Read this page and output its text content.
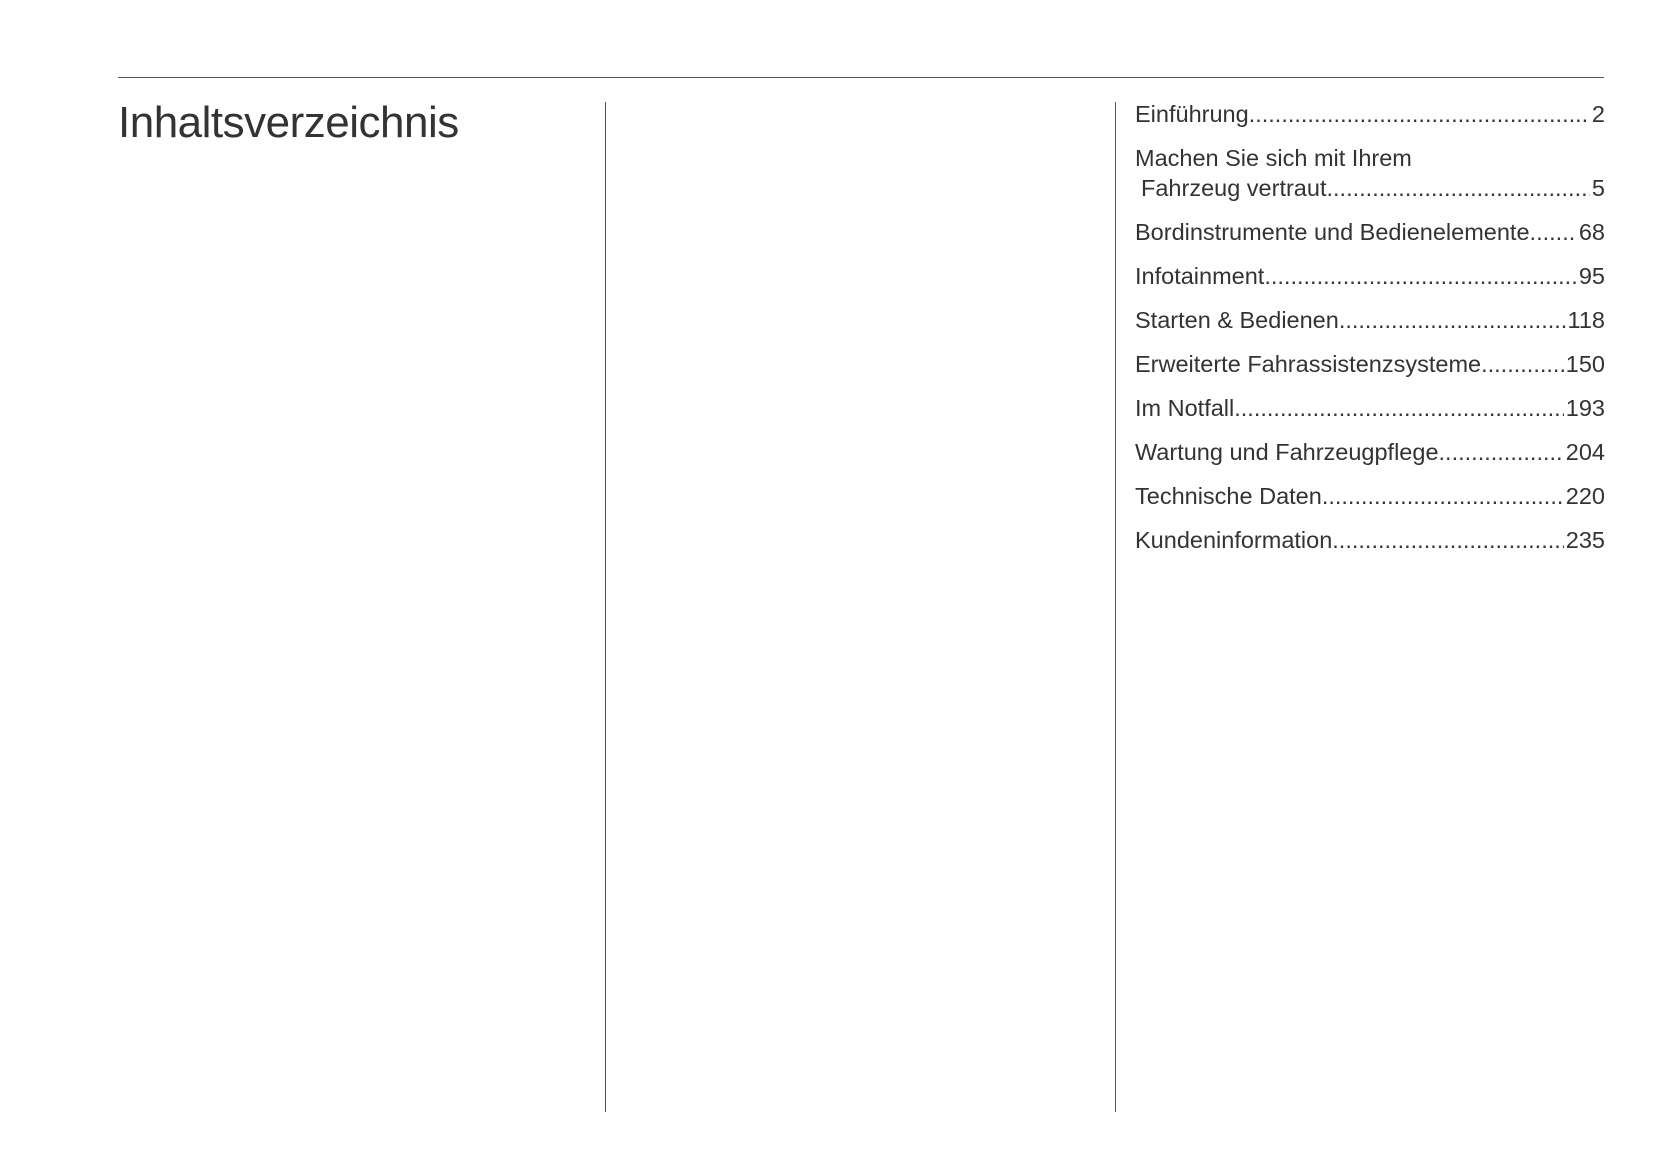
Inhaltsverzeichnis	Einführung .....	2
Machen Sie sich mit Ihrem
Fahrzeug vertraut .....	5
Bordinstrumente und Bedienelemente ..... 68
Infotainment .....	95
Starten & Bedienen .....	118
Erweiterte Fahrassistenzsysteme .....	150
Im Notfall .....	193
Wartung und Fahrzeugpflege .....	204
Technische Daten .....	220
Kundeninformation .....	235
